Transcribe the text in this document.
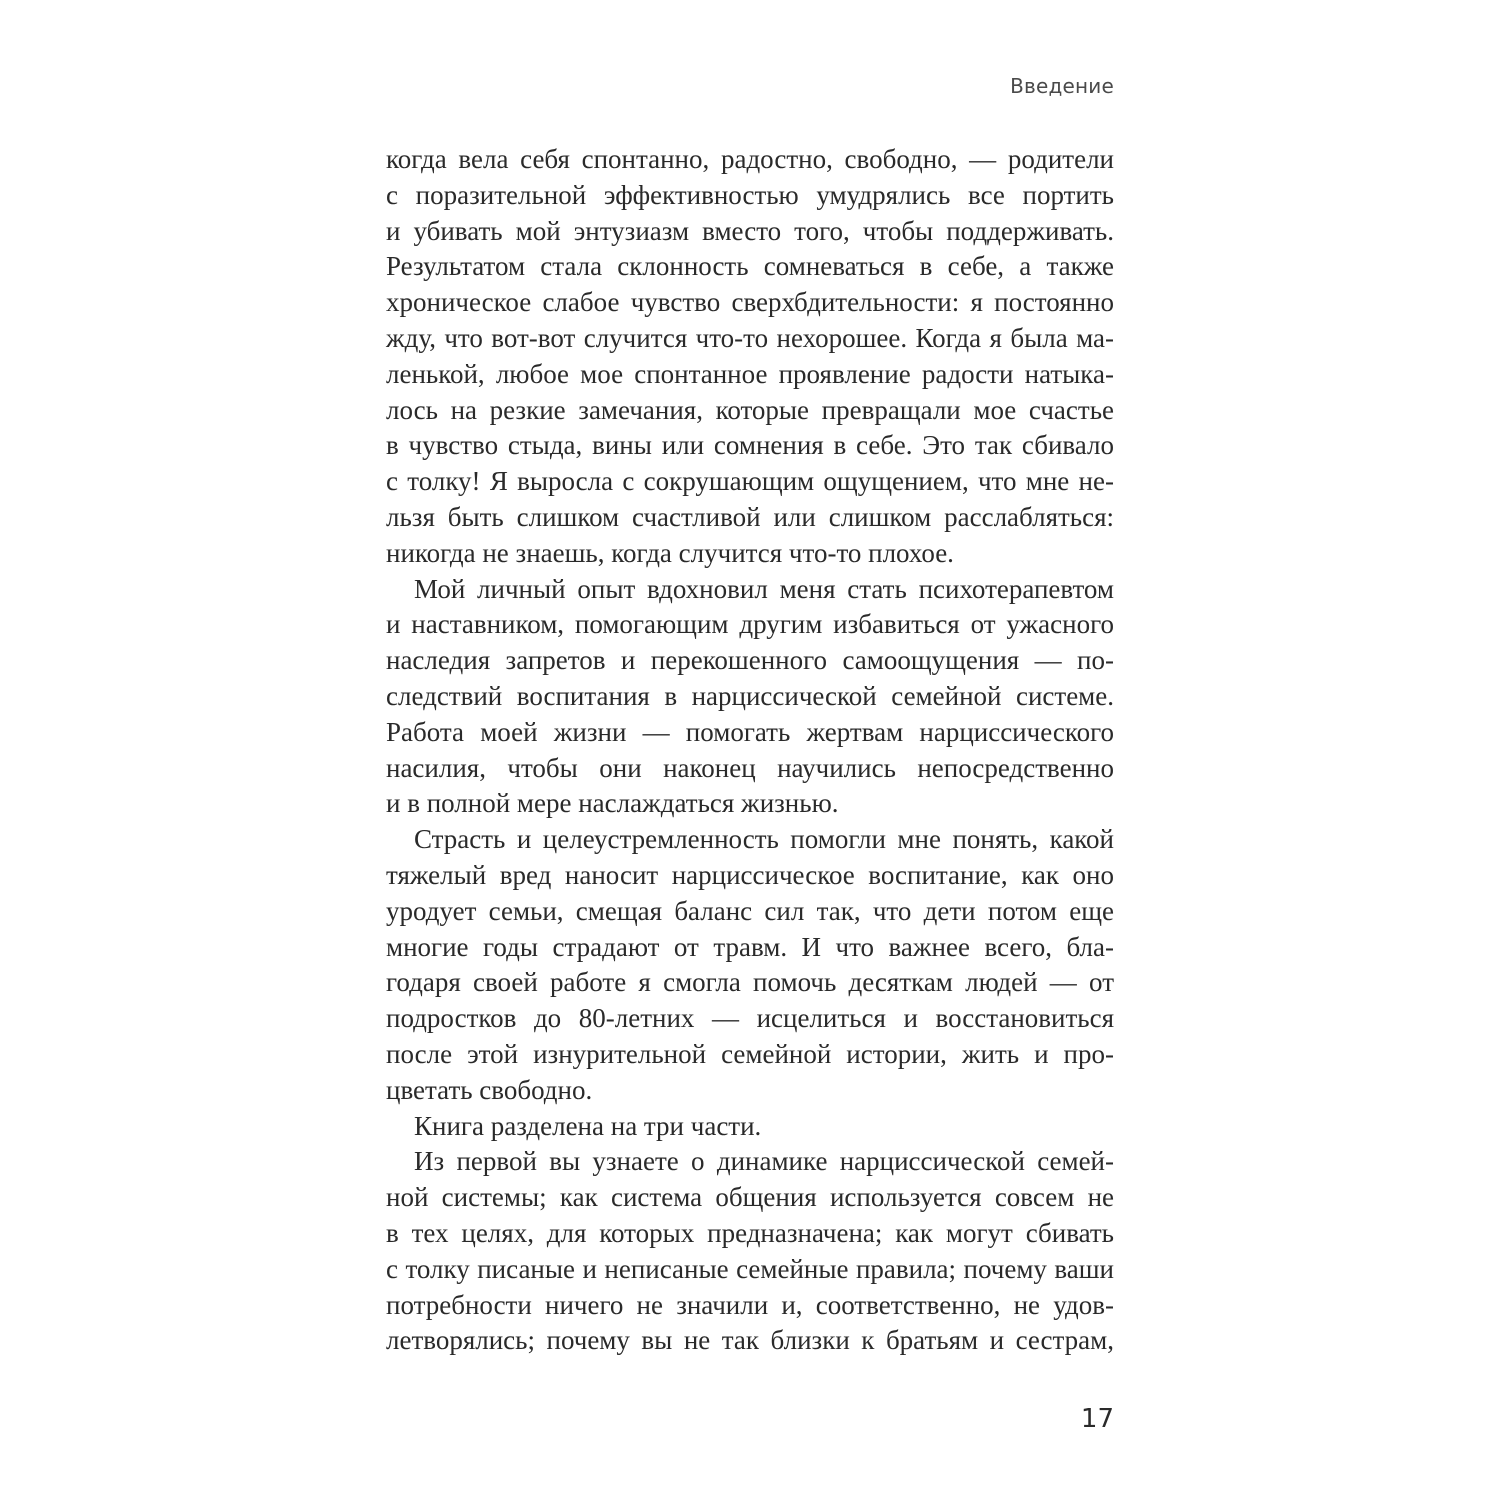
Введение
когда вела себя спонтанно, радостно, свободно, — родители
с поразительной эффективностью умудрялись все портить
и убивать мой энтузиазм вместо того, чтобы поддерживать.
Результатом стала склонность сомневаться в себе, а также
хроническое слабое чувство сверхбдительности: я постоянно
жду, что вот-вот случится что-то нехорошее. Когда я была ма-
ленькой, любое мое спонтанное проявление радости натыка-
лось на резкие замечания, которые превращали мое счастье
в чувство стыда, вины или сомнения в себе. Это так сбивало
с толку! Я выросла с сокрушающим ощущением, что мне не-
льзя быть слишком счастливой или слишком расслабляться:
никогда не знаешь, когда случится что-то плохое.
Мой личный опыт вдохновил меня стать психотерапевтом
и наставником, помогающим другим избавиться от ужасного
наследия запретов и перекошенного самоощущения — по-
следствий воспитания в нарциссической семейной системе.
Работа моей жизни — помогать жертвам нарциссического
насилия, чтобы они наконец научились непосредственно
и в полной мере наслаждаться жизнью.
Страсть и целеустремленность помогли мне понять, какой
тяжелый вред наносит нарциссическое воспитание, как оно
уродует семьи, смещая баланс сил так, что дети потом еще
многие годы страдают от травм. И что важнее всего, бла-
годаря своей работе я смогла помочь десяткам людей — от
подростков до 80-летних — исцелиться и восстановиться
после этой изнурительной семейной истории, жить и про-
цветать свободно.
Книга разделена на три части.
Из первой вы узнаете о динамике нарциссической семей-
ной системы; как система общения используется совсем не
в тех целях, для которых предназначена; как могут сбивать
с толку писаные и неписаные семейные правила; почему ваши
потребности ничего не значили и, соответственно, не удов-
летворялись; почему вы не так близки к братьям и сестрам,
17
